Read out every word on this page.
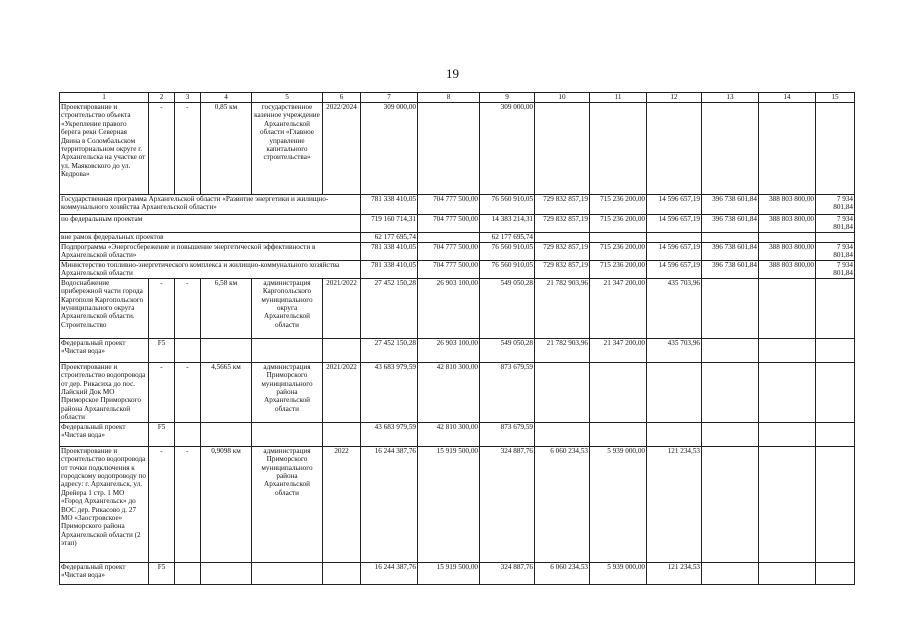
19
1	2	3	4	5	6	7	8	9	10	11	12	13	14	15
Проектирование и строительство объекта «Укрепление правого берега реки Северная Двина в Соломбальском территориальном округе г. Архангельска на участке от ул. Маяковского до ул. Кедрова»	-	-	0,85 км	государственное казенное учреждение Архангельской области «Главное управление капитального строительства»	2022/2024	309 000,00		309 000,00						
Государственная программа Архангельской области «Развитие энергетики и жилищно-коммунального хозяйства Архангельской области»						781 338 410,05	704 777 500,00	76 560 910,05	729 832 857,19	715 236 200,00	14 596 657,19	396 738 601,84	388 803 800,00	7 934 801,84
по федеральным проектам						719 160 714,31	704 777 500,00	14 383 214,31	729 832 857,19	715 236 200,00	14 596 657,19	396 738 601,84	388 803 800,00	7 934 801,84
вне рамок федеральных проектов						62 177 695,74		62 177 695,74						
Подпрограмма «Энергосбережение и повышение энергетической эффективности в Архангельской области»						781 338 410,05	704 777 500,00	76 560 910,05	729 832 857,19	715 236 200,00	14 596 657,19	396 738 601,84	388 803 800,00	7 934 801,84
Министерство топливно-энергетического комплекса и жилищно-коммунального хозяйства Архангельской области						781 338 410,05	704 777 500,00	76 560 910,05	729 832 857,19	715 236 200,00	14 596 657,19	396 738 601,84	388 803 800,00	7 934 801,84
Водоснабжение прибережной части города Каргополя Каргопольского муниципального округа Архангельской области. Строительство	-	-	6,58 км	администрация Каргопольского муниципального округа Архангельской области	2021/2022	27 452 150,28	26 903 100,00	549 050,28	21 782 903,96	21 347 200,00	435 703,96			
Федеральный проект «Чистая вода»	F5					27 452 150,28	26 903 100,00	549 050,28	21 782 903,96	21 347 200,00	435 703,96			
Проектирование и строительство водопровода от дер. Рикасиха до пос. Лайский Док МО Приморское Приморского района Архангельской области	-	-	4,5665 км	администрация Приморского муниципального района Архангельской области	2021/2022	43 683 979,59	42 810 300,00	873 679,59						
Федеральный проект «Чистая вода»	F5					43 683 979,59	42 810 300,00	873 679,59						
Проектирование и строительство водопровода от точки подключения к городскому водопроводу по адресу: г. Архангельск, ул. Дрейера 1 стр. 1 МО «Город Архангельск» до ВОС дер. Рикасово д. 27 МО «Заостровское» Приморского района Архангельской области (2 этап)	-	-	0,9098 км	администрация Приморского муниципального района Архангельской области	2022	16 244 387,76	15 919 500,00	324 887,76	6 060 234,53	5 939 000,00	121 234,53			
Федеральный проект «Чистая вода»	F5					16 244 387,76	15 919 500,00	324 887,76	6 060 234,53	5 939 000,00	121 234,53			
